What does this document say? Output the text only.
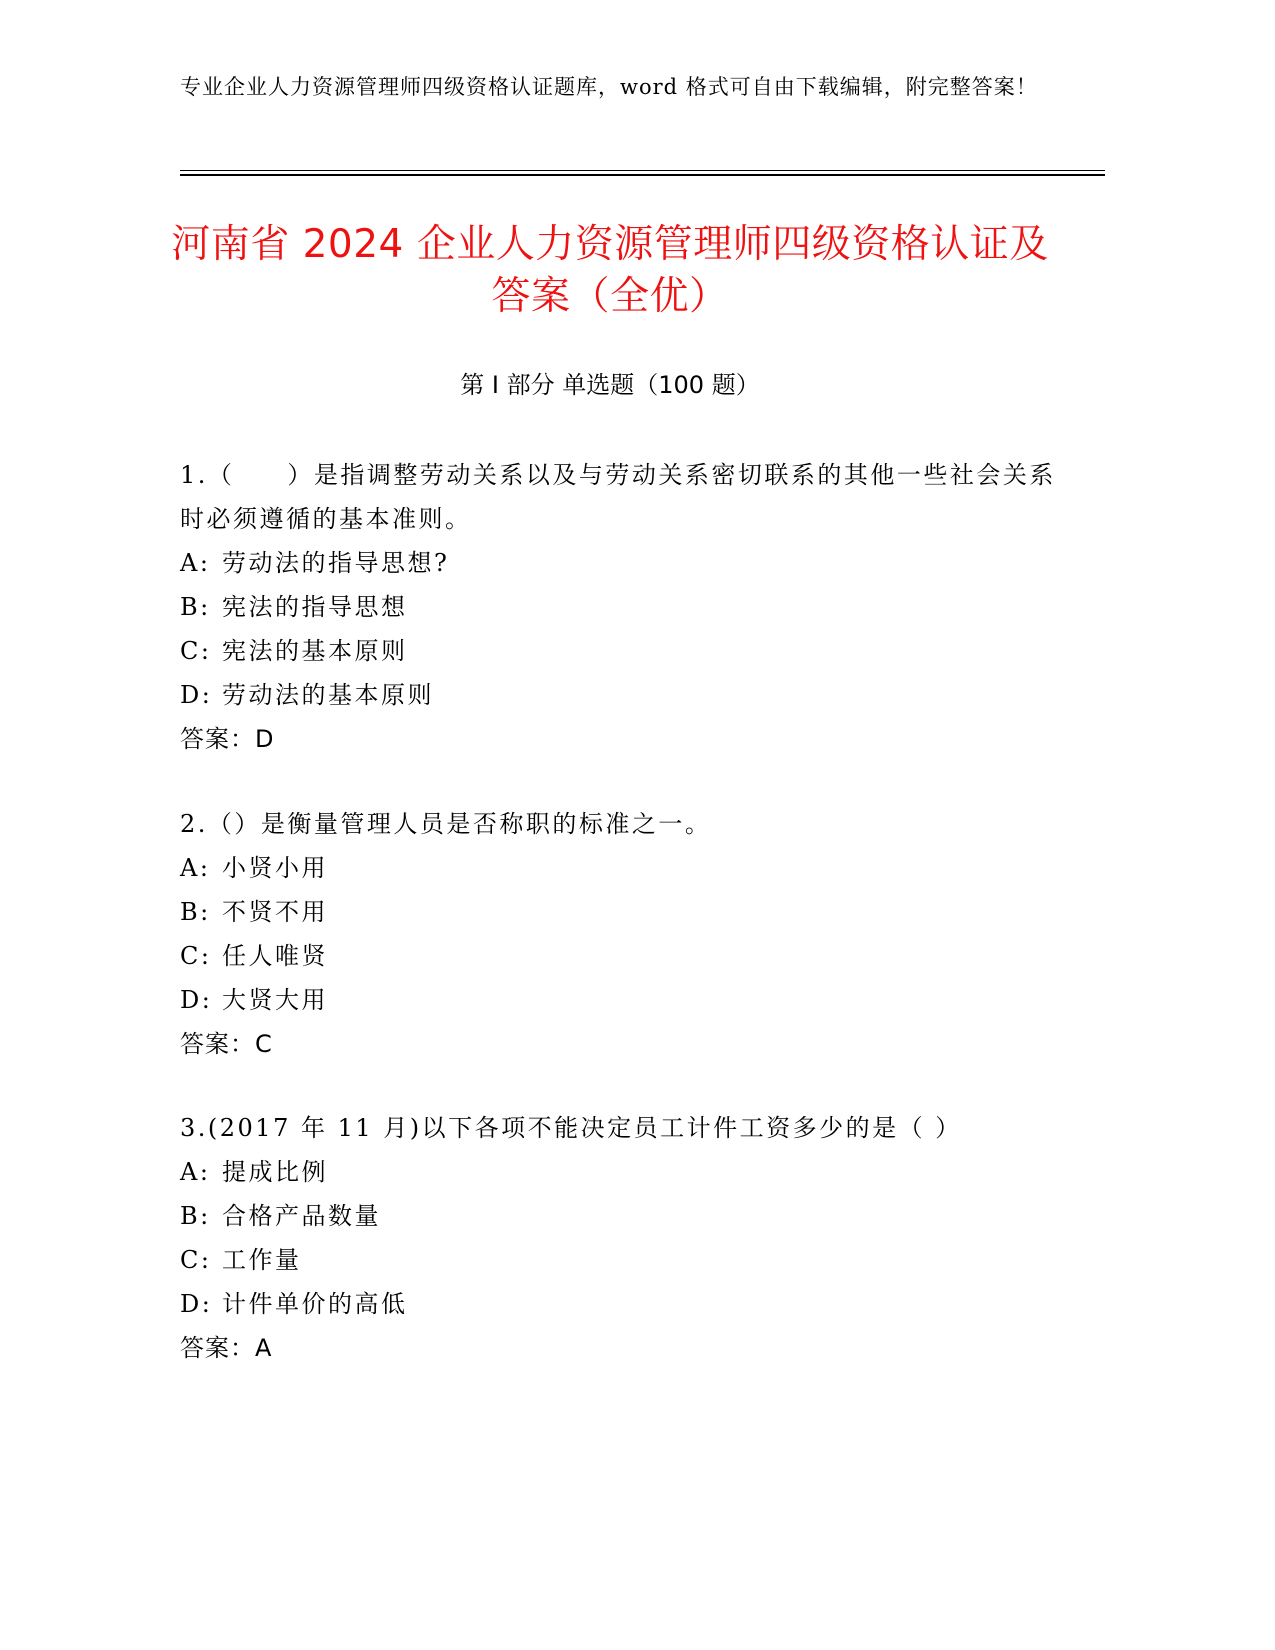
专业企业人力资源管理师四级资格认证题库，word 格式可自由下载编辑，附完整答案！
河南省 2024 企业人力资源管理师四级资格认证及答案（全优）
第 I 部分 单选题（100 题）
1.（　　）是指调整劳动关系以及与劳动关系密切联系的其他一些社会关系时必须遵循的基本准则。
A: 劳动法的指导思想?
B: 宪法的指导思想
C: 宪法的基本原则
D: 劳动法的基本原则
答案：D
2.（）是衡量管理人员是否称职的标准之一。
A: 小贤小用
B: 不贤不用
C: 任人唯贤
D: 大贤大用
答案：C
3.(2017 年 11 月)以下各项不能决定员工计件工资多少的是（ ）
A: 提成比例
B: 合格产品数量
C: 工作量
D: 计件单价的高低
答案：A
